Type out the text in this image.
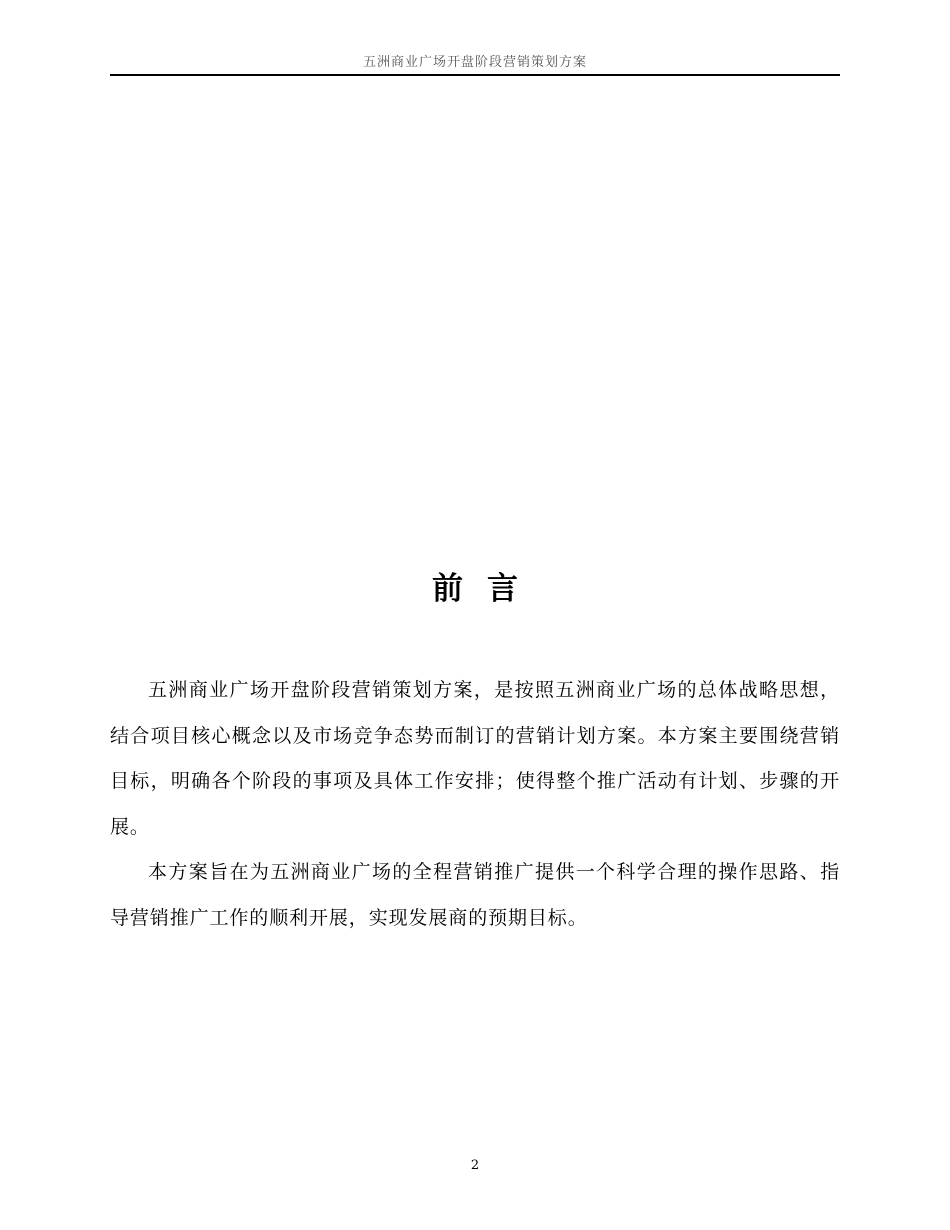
五洲商业广场开盘阶段营销策划方案
前言

五洲商业广场开盘阶段营销策划方案，是按照五洲商业广场的总体战略思想，结合项目核心概念以及市场竞争态势而制订的营销计划方案。本方案主要围绕营销目标，明确各个阶段的事项及具体工作安排；使得整个推广活动有计划、步骤的开展。

本方案旨在为五洲商业广场的全程营销推广提供一个科学合理的操作思路、指导营销推广工作的顺利开展，实现发展商的预期目标。

2
